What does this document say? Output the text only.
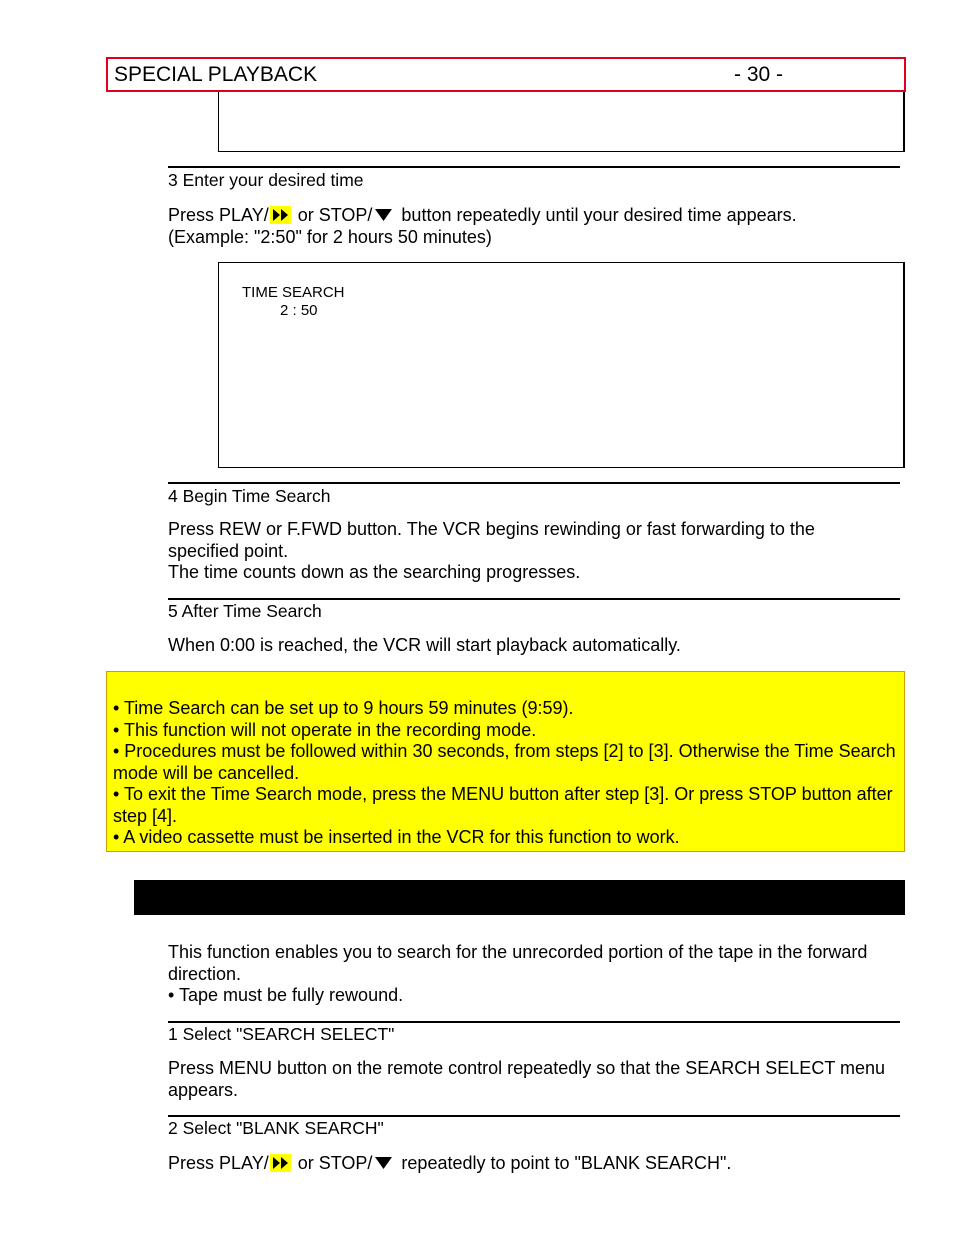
SPECIAL PLAYBACK	- 30 -
3 Enter your desired time
Press PLAY/
or STOP/
button repeatedly until your desired time appears.
(Example: "2:50" for 2 hours 50 minutes)
TIME SEARCH
2 : 50
4 Begin Time Search
Press REW or F.FWD button. The VCR begins rewinding or fast forwarding to the specified point.
The time counts down as the searching progresses.
5 After Time Search
When 0:00 is reached, the VCR will start playback automatically.
• Time Search can be set up to 9 hours 59 minutes (9:59).
• This function will not operate in the recording mode.
• Procedures must be followed within 30 seconds, from steps [2] to [3]. Otherwise the Time Search mode will be cancelled.
• To exit the Time Search mode, press the MENU button after step [3]. Or press STOP button after step [4].
• A video cassette must be inserted in the VCR for this function to work.
This function enables you to search for the unrecorded portion of the tape in the forward direction.
• Tape must be fully rewound.
1 Select "SEARCH SELECT"
Press MENU button on the remote control repeatedly so that the SEARCH SELECT menu appears.
2 Select "BLANK SEARCH"
Press PLAY/
or STOP/
repeatedly to point to "BLANK SEARCH".
